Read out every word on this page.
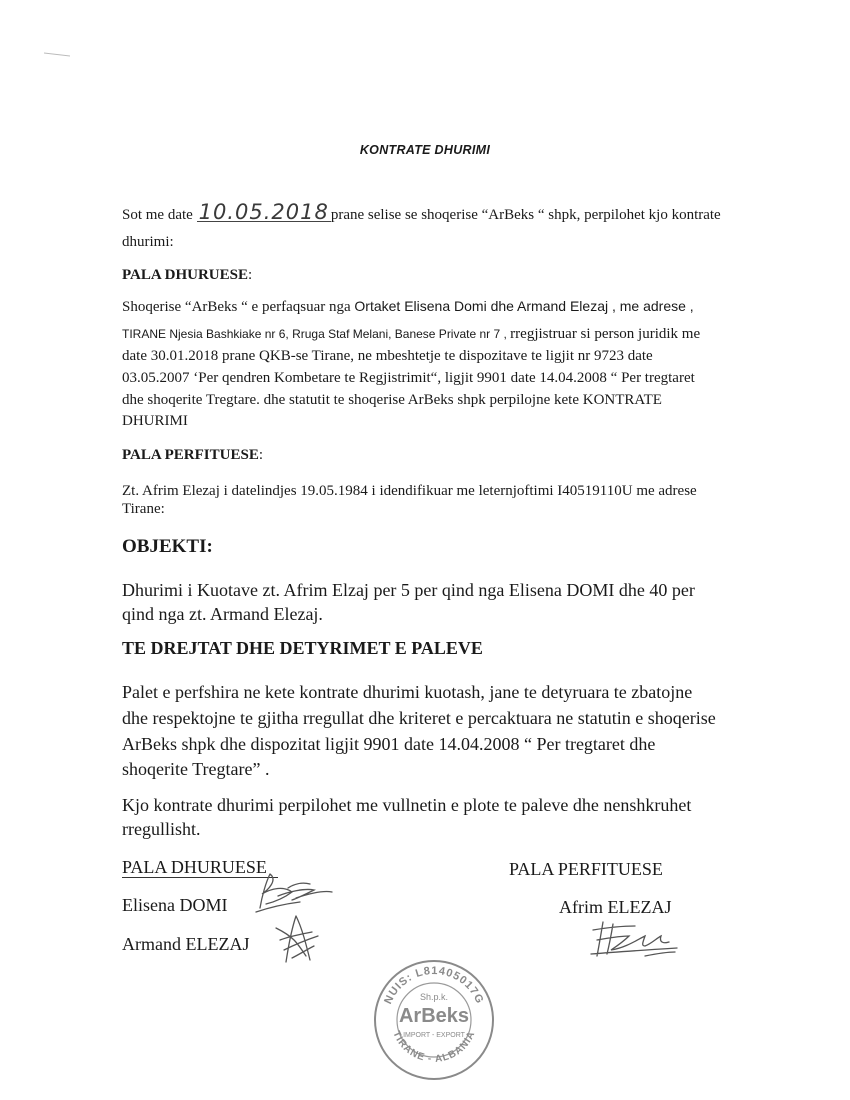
KONTRATE DHURIMI
Sot me date 10.05.2018 prane selise se shoqerise “ArBeks “ shpk, perpilohet kjo kontrate
dhurimi:
PALA DHURUESE:
Shoqerise “ArBeks “ e perfaqsuar nga Ortaket Elisena Domi dhe Armand Elezaj , me adrese ,
TIRANE Njesia Bashkiake nr 6, Rruga Staf Melani, Banese Private nr 7 , rregjistruar si person juridik me
date 30.01.2018 prane QKB-se Tirane, ne mbeshtetje te dispozitave te ligjit nr 9723 date
03.05.2007 ‘Per qendren Kombetare te Regjistrimit“, ligjit 9901 date 14.04.2008 “ Per tregtaret
dhe shoqerite Tregtare. dhe statutit te shoqerise ArBeks shpk perpilojne kete KONTRATE
DHURIMI
PALA PERFITUESE:
Zt. Afrim Elezaj i datelindjes 19.05.1984 i idendifikuar me leternjoftimi I40519110U me adrese
Tirane:
OBJEKTI:
Dhurimi i Kuotave zt. Afrim Elzaj per 5 per qind nga Elisena DOMI dhe 40 per
qind nga zt. Armand Elezaj.
TE DREJTAT DHE DETYRIMET E PALEVE
Palet e perfshira ne kete kontrate dhurimi kuotash, jane te detyruara te zbatojne
dhe respektojne te gjitha rregullat dhe kriteret e percaktuara ne statutin e shoqerise
ArBeks shpk dhe dispozitat ligjit 9901 date 14.04.2008 “ Per tregtaret dhe
shoqerite Tregtare” .
Kjo kontrate dhurimi perpilohet me vullnetin e plote te paleve dhe nenshkruhet
rregullisht.
PALA DHURUESE	PALA PERFITUESE
Elisena DOMI
Armand ELEZAJ
Afrim ELEZAJ
NUIS: L81405017G
TIRANE - ALBANIA
Sh.p.k.
ArBeks
IMPORT - EXPORT
